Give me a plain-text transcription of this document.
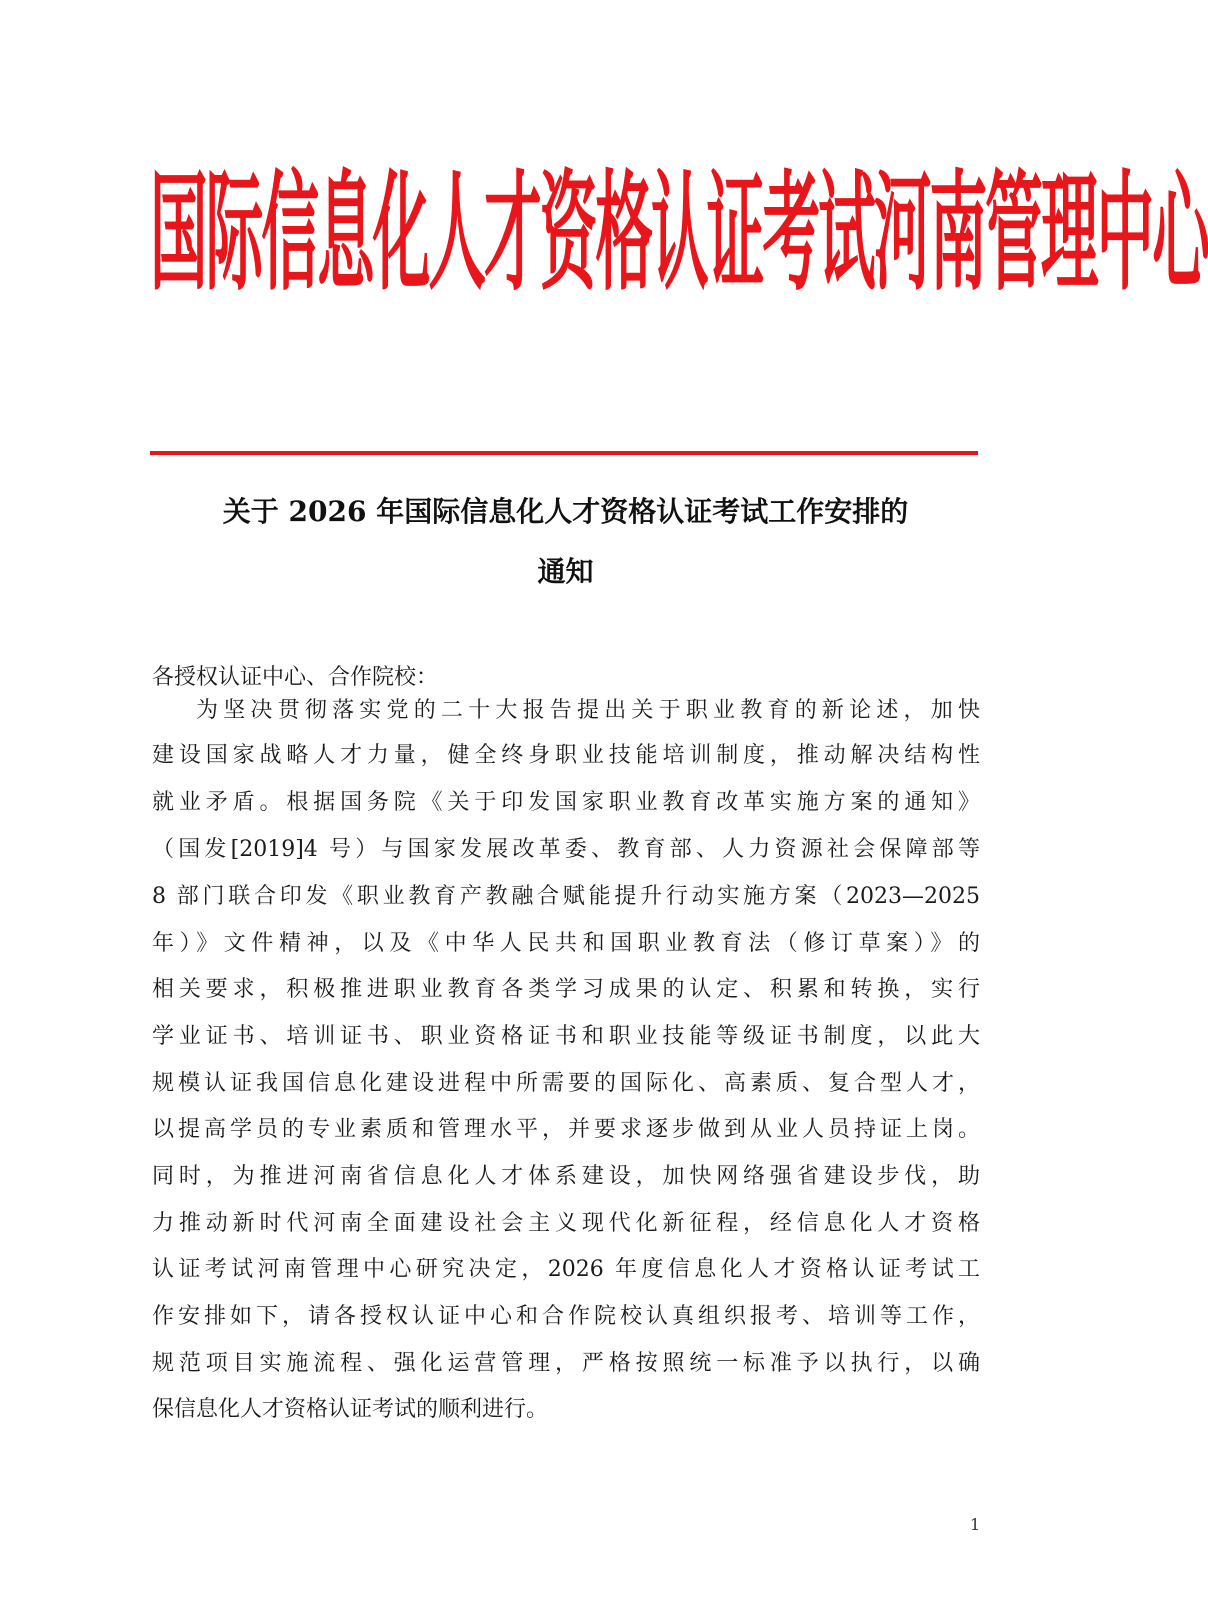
国际信息化人才资格认证考试河南管理中心
关于 2026 年国际信息化人才资格认证考试工作安排的
通知
各授权认证中心、合作院校：
为坚决贯彻落实党的二十大报告提出关于职业教育的新论述，加快
建设国家战略人才力量，健全终身职业技能培训制度，推动解决结构性
就业矛盾。根据国务院《关于印发国家职业教育改革实施方案的通知》
（国发[2019]4 号）与国家发展改革委、教育部、人力资源社会保障部等
8 部门联合印发《职业教育产教融合赋能提升行动实施方案（2023—2025
年）》文件精神，以及《中华人民共和国职业教育法（修订草案）》的
相关要求，积极推进职业教育各类学习成果的认定、积累和转换，实行
学业证书、培训证书、职业资格证书和职业技能等级证书制度，以此大
规模认证我国信息化建设进程中所需要的国际化、高素质、复合型人才，
以提高学员的专业素质和管理水平，并要求逐步做到从业人员持证上岗。
同时，为推进河南省信息化人才体系建设，加快网络强省建设步伐，助
力推动新时代河南全面建设社会主义现代化新征程，经信息化人才资格
认证考试河南管理中心研究决定，2026 年度信息化人才资格认证考试工
作安排如下，请各授权认证中心和合作院校认真组织报考、培训等工作，
规范项目实施流程、强化运营管理，严格按照统一标准予以执行，以确
保信息化人才资格认证考试的顺利进行。
1
